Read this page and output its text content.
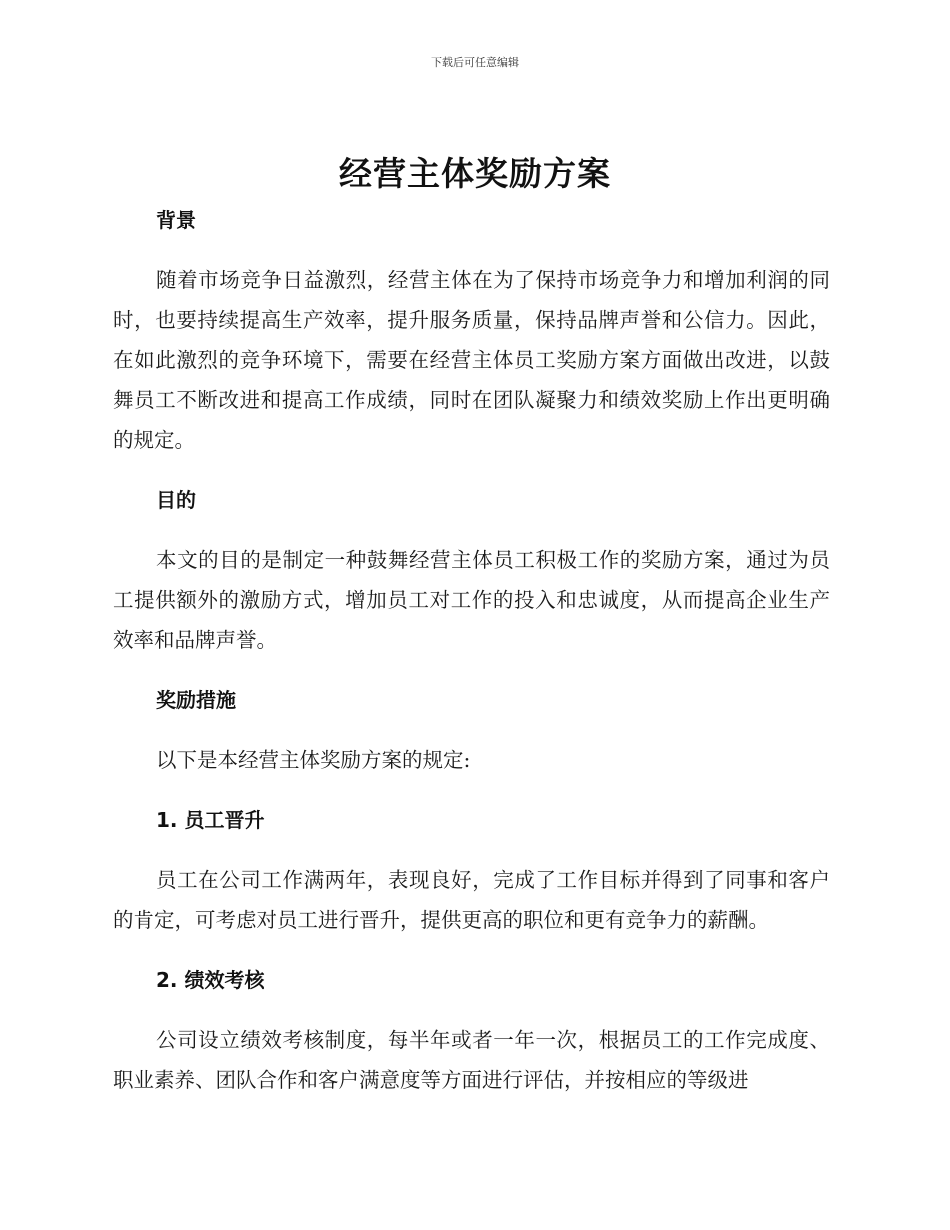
下载后可任意编辑
经营主体奖励方案
背景

随着市场竞争日益激烈，经营主体在为了保持市场竞争力和增加利润的同时，也要持续提高生产效率，提升服务质量，保持品牌声誉和公信力。因此，在如此激烈的竞争环境下，需要在经营主体员工奖励方案方面做出改进，以鼓舞员工不断改进和提高工作成绩，同时在团队凝聚力和绩效奖励上作出更明确的规定。

目的

本文的目的是制定一种鼓舞经营主体员工积极工作的奖励方案，通过为员工提供额外的激励方式，增加员工对工作的投入和忠诚度，从而提高企业生产效率和品牌声誉。

奖励措施

以下是本经营主体奖励方案的规定:

1. 员工晋升

员工在公司工作满两年，表现良好，完成了工作目标并得到了同事和客户的肯定，可考虑对员工进行晋升，提供更高的职位和更有竞争力的薪酬。

2. 绩效考核

公司设立绩效考核制度，每半年或者一年一次，根据员工的工作完成度、职业素养、团队合作和客户满意度等方面进行评估，并按相应的等级进
